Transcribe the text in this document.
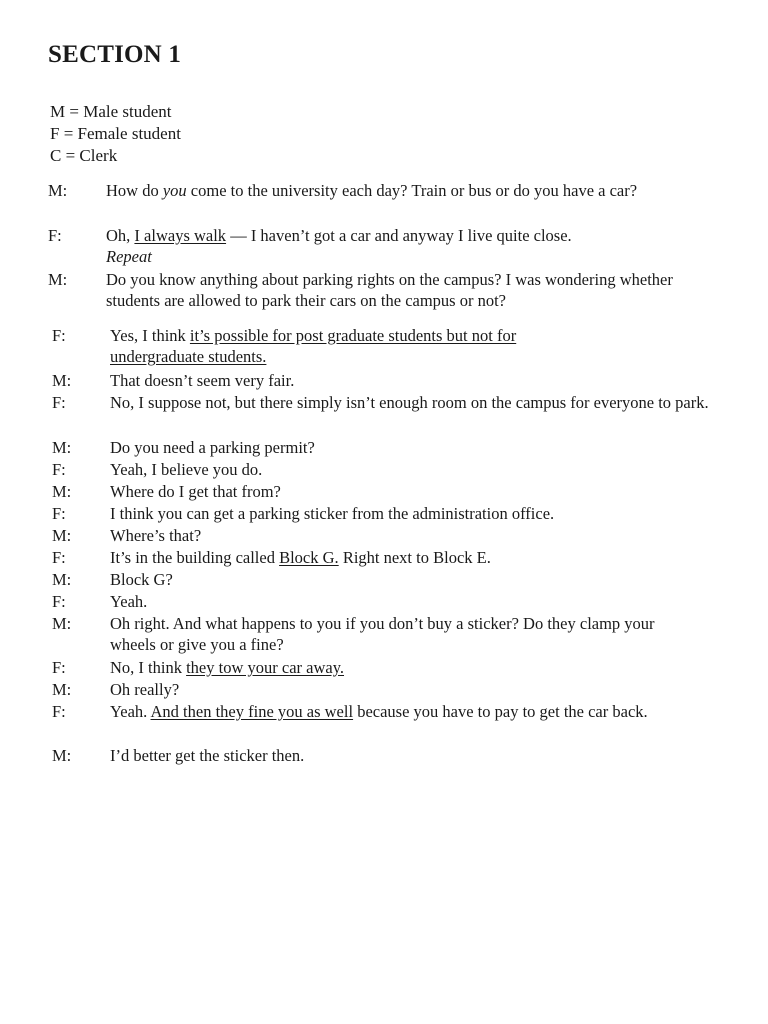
SECTION 1
M = Male student
F = Female student
C = Clerk
M: How do you come to the university each day? Train or bus or do you have a car?
F:	Oh, I always walk — I haven’t got a car and anyway I live quite close.
Repeat
M: Do you know anything about parking rights on the campus? I was wondering whether students are allowed to park their cars on the campus or not?
F:	Yes, I think it’s possible for post graduate students but not for undergraduate students.
M: That doesn’t seem very fair.
F:	No, I suppose not, but there simply isn’t enough room on the campus for everyone to park.
M: Do you need a parking permit?
F:	Yeah, I believe you do.
M: Where do I get that from?
F:	I think you can get a parking sticker from the administration office.
M: Where’s that?
F:	It’s in the building called Block G. Right next to Block E.
M: Block G?
F:	Yeah.
M: Oh right. And what happens to you if you don’t buy a sticker? Do they clamp your wheels or give you a fine?
F:	No, I think they tow your car away.
M: Oh really?
F:	Yeah. And then they fine you as well because you have to pay to get the car back.
M: I’d better get the sticker then.
